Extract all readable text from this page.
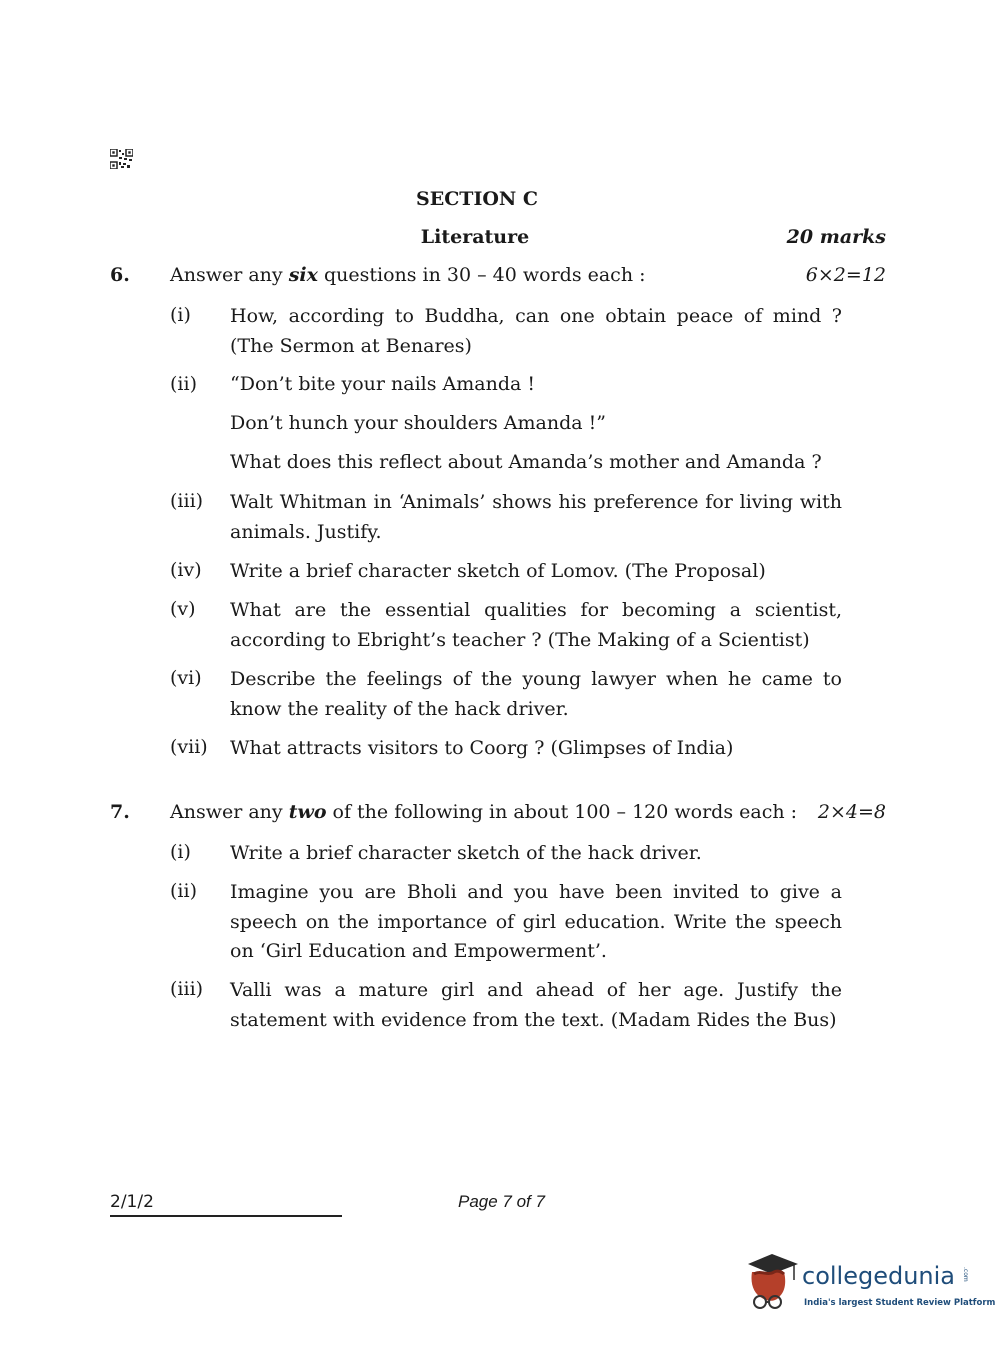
SECTION C
Literature	20 marks
6. Answer any six questions in 30 – 40 words each :	6×2=12
(i) How, according to Buddha, can one obtain peace of mind ? (The Sermon at Benares)
(ii) “Don’t bite your nails Amanda !
Don’t hunch your shoulders Amanda !”
What does this reflect about Amanda’s mother and Amanda ?
(iii) Walt Whitman in ‘Animals’ shows his preference for living with animals. Justify.
(iv) Write a brief character sketch of Lomov. (The Proposal)
(v) What are the essential qualities for becoming a scientist, according to Ebright’s teacher ? (The Making of a Scientist)
(vi) Describe the feelings of the young lawyer when he came to know the reality of the hack driver.
(vii) What attracts visitors to Coorg ? (Glimpses of India)
7. Answer any two of the following in about 100 – 120 words each : 2×4=8
(i) Write a brief character sketch of the hack driver.
(ii) Imagine you are Bholi and you have been invited to give a speech on the importance of girl education. Write the speech on ‘Girl Education and Empowerment’.
(iii) Valli was a mature girl and ahead of her age. Justify the statement with evidence from the text. (Madam Rides the Bus)
2/1/2	Page 7 of 7
collegedunia .com
India's largest Student Review Platform
